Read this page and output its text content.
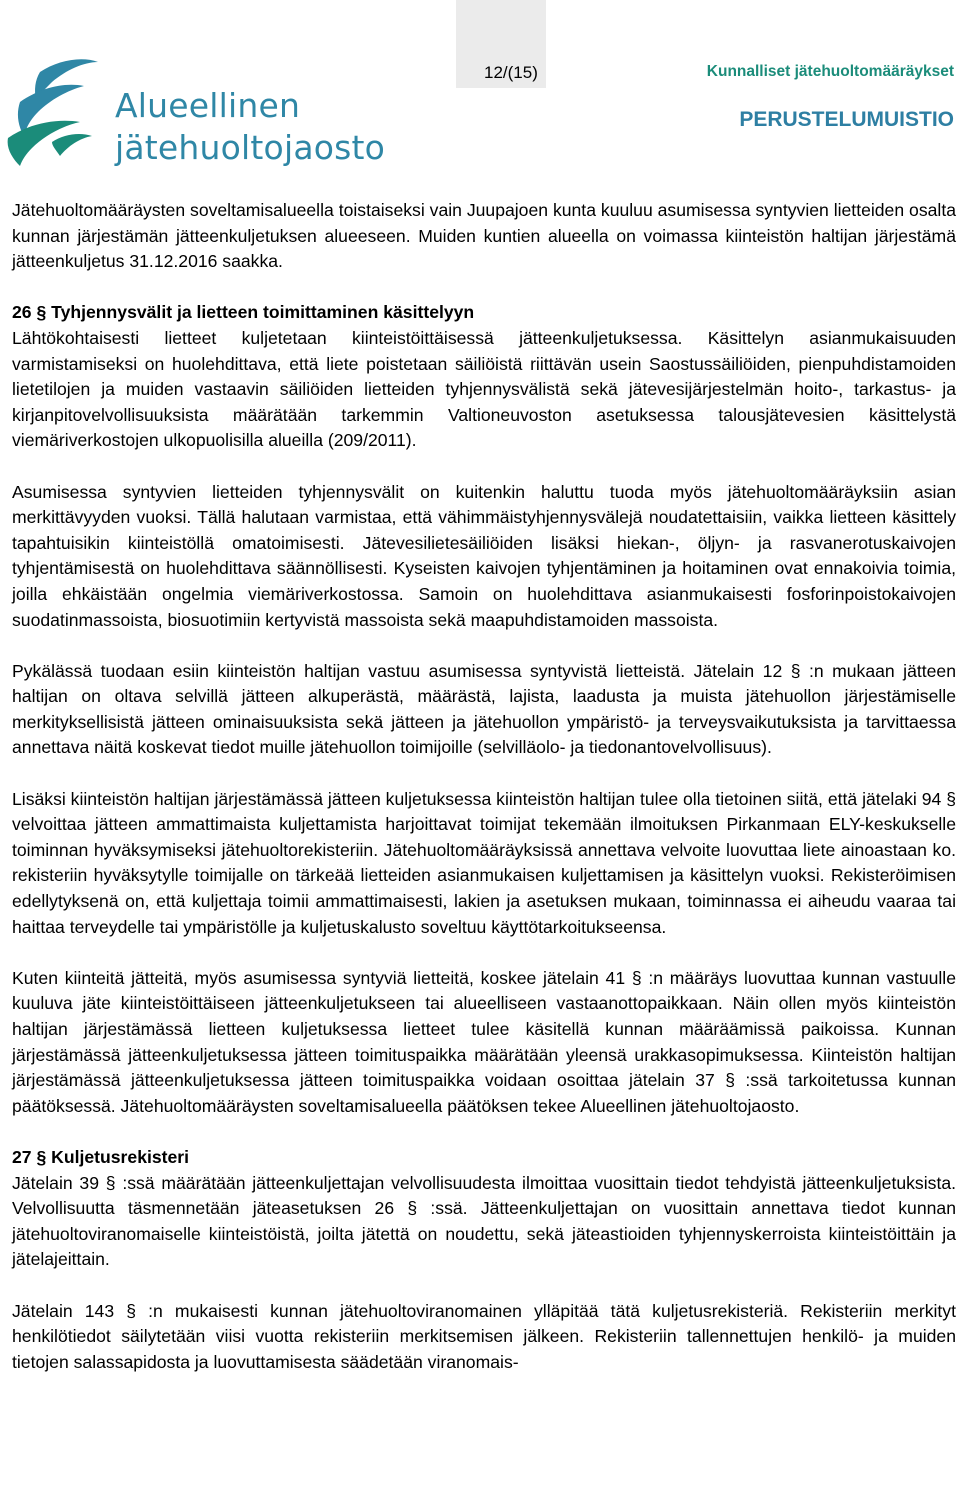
Alueellinen
jätehuoltojaosto
12/(15)	Kunnalliset jätehuoltomääräykset
PERUSTELUMUISTIO

Jätehuoltomääräysten soveltamisalueella toistaiseksi vain Juupajoen kunta kuuluu asumisessa syntyvien lietteiden osalta kunnan järjestämän jätteenkuljetuksen alueeseen. Muiden kuntien alueella on voimassa kiinteistön haltijan järjestämä jätteenkuljetus 31.12.2016 saakka.

26 § Tyhjennysvälit ja lietteen toimittaminen käsittelyyn

Lähtökohtaisesti lietteet kuljetetaan kiinteistöittäisessä jätteenkuljetuksessa. Käsittelyn asianmukaisuuden varmistamiseksi on huolehdittava, että liete poistetaan säiliöistä riittävän usein Saostussäiliöiden, pienpuhdistamoiden lietetilojen ja muiden vastaavin säiliöiden lietteiden tyhjennysvälistä sekä jätevesijärjestelmän hoito-, tarkastus- ja kirjanpitovelvollisuuksista määrätään tarkemmin Valtioneuvoston asetuksessa talousjätevesien käsittelystä viemäriverkostojen ulkopuolisilla alueilla (209/2011).

Asumisessa syntyvien lietteiden tyhjennysvälit on kuitenkin haluttu tuoda myös jätehuoltomääräyksiin asian merkittävyyden vuoksi. Tällä halutaan varmistaa, että vähimmäistyhjennysvälejä noudatettaisiin, vaikka lietteen käsittely tapahtuisikin kiinteistöllä omatoimisesti. Jätevesilietesäiliöiden lisäksi hiekan-, öljyn- ja rasvanerotuskaivojen tyhjentämisestä on huolehdittava säännöllisesti. Kyseisten kaivojen tyhjentäminen ja hoitaminen ovat ennakoivia toimia, joilla ehkäistään ongelmia viemäriverkostossa. Samoin on huolehdittava asianmukaisesti fosforinpoistokaivojen suodatinmassoista, biosuotimiin kertyvistä massoista sekä maapuhdistamoiden massoista.

Pykälässä tuodaan esiin kiinteistön haltijan vastuu asumisessa syntyvistä lietteistä. Jätelain 12 § :n mukaan jätteen haltijan on oltava selvillä jätteen alkuperästä, määrästä, lajista, laadusta ja muista jätehuollon järjestämiselle merkityksellisistä jätteen ominaisuuksista sekä jätteen ja jätehuollon ympäristö- ja terveysvaikutuksista ja tarvittaessa annettava näitä koskevat tiedot muille jätehuollon toimijoille (selvilläolo- ja tiedonantovelvollisuus).

Lisäksi kiinteistön haltijan järjestämässä jätteen kuljetuksessa kiinteistön haltijan tulee olla tietoinen siitä, että jätelaki 94 § velvoittaa jätteen ammattimaista kuljettamista harjoittavat toimijat tekemään ilmoituksen Pirkanmaan ELY-keskukselle toiminnan hyväksymiseksi jätehuoltorekisteriin. Jätehuoltomääräyksissä annettava velvoite luovuttaa liete ainoastaan ko. rekisteriin hyväksytylle toimijalle on tärkeää lietteiden asianmukaisen kuljettamisen ja käsittelyn vuoksi. Rekisteröimisen edellytyksenä on, että kuljettaja toimii ammattimaisesti, lakien ja asetuksen mukaan, toiminnassa ei aiheudu vaaraa tai haittaa terveydelle tai ympäristölle ja kuljetuskalusto soveltuu käyttötarkoitukseensa.

Kuten kiinteitä jätteitä, myös asumisessa syntyviä lietteitä, koskee jätelain 41 § :n määräys luovuttaa kunnan vastuulle kuuluva jäte kiinteistöittäiseen jätteenkuljetukseen tai alueelliseen vastaanottopaikkaan. Näin ollen myös kiinteistön haltijan järjestämässä lietteen kuljetuksessa lietteet tulee käsitellä kunnan määräämissä paikoissa. Kunnan järjestämässä jätteenkuljetuksessa jätteen toimituspaikka määrätään yleensä urakkasopimuksessa. Kiinteistön haltijan järjestämässä jätteenkuljetuksessa jätteen toimituspaikka voidaan osoittaa jätelain 37 § :ssä tarkoitetussa kunnan päätöksessä. Jätehuoltomääräysten soveltamisalueella päätöksen tekee Alueellinen jätehuoltojaosto.

27 § Kuljetusrekisteri

Jätelain 39 § :ssä määrätään jätteenkuljettajan velvollisuudesta ilmoittaa vuosittain tiedot tehdyistä jätteenkuljetuksista. Velvollisuutta täsmennetään jäteasetuksen 26 § :ssä. Jätteenkuljettajan on vuosittain annettava tiedot kunnan jätehuoltoviranomaiselle kiinteistöistä, joilta jätettä on noudettu, sekä jäteastioiden tyhjennyskerroista kiinteistöittäin ja jätelajeittain.

Jätelain 143 § :n mukaisesti kunnan jätehuoltoviranomainen ylläpitää tätä kuljetusrekisteriä. Rekisteriin merkityt henkilötiedot säilytetään viisi vuotta rekisteriin merkitsemisen jälkeen. Rekisteriin tallennettujen henkilö- ja muiden tietojen salassapidosta ja luovuttamisesta säädetään viranomais-
